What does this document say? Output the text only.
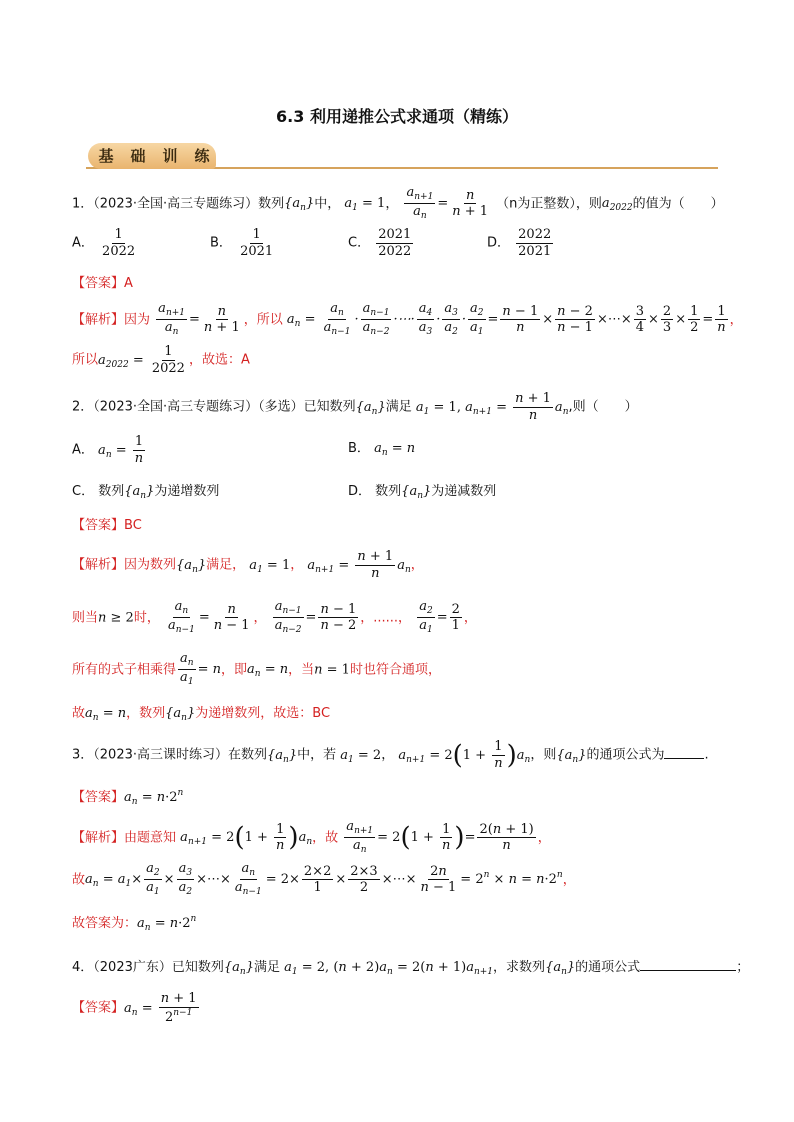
6.3 利用递推公式求通项（精练）
基 础 训 练
1．（2023·全国·高三专题练习）数列$\{a_n\}$中， $a_1 = 1$， $\frac{a_{n+1}}{a_n} = \frac{n}{n + 1} (n$为正整数），则$a_{2022}$的值为（　　）
A． $\frac{1}{2022}$	B． $\frac{1}{2021}$	C． $\frac{2021}{2022}$	D． $\frac{2022}{2021}$
【答案】A
【解析】因为 $\frac{a_{n+1}}{a_n} = \frac{n}{n + 1}$ ，所以 $a_n = \frac{a_n}{a_{n-1}} \cdot \frac{a_{n-1}}{a_{n-2}}$ ·⋯· $\frac{a_4}{a_3} \cdot \frac{a_3}{a_2} \cdot \frac{a_2}{a_1} = \frac{n - 1}{n} \times \frac{n - 2}{n - 1}$ ×⋯× $\frac{3}{4} \times \frac{2}{3} \times \frac{1}{2} = \frac{1}{n}$ ，
所以$a_{2022} = \frac{1}{2022}$ ，故选：A
2．（2023·全国·高三专题练习）（多选）已知数列$\{a_n\}$满足 $a_1 = 1$, $a_{n+1} = \frac{n + 1}{n} a_n$,则（　　）
A． $a_n = \frac{1}{n}$	B． $a_n = n$
C． 数列$\{a_n\}$为递增数列	D． 数列$\{a_n\}$为递减数列
【答案】BC
【解析】因为数列$\{a_n\}$满足， $a_1 = 1$， $a_{n+1} = \frac{n + 1}{n} a_n$，
则当n ≥ 2时， $\frac{a_n}{a_{n-1}} = \frac{n}{n - 1}$ ， $\frac{a_{n-1}}{a_{n-2}} = \frac{n - 1}{n - 2}$ ，......， $\frac{a_2}{a_1} = \frac{2}{1}$ ，
所有的式子相乘得 $\frac{a_n}{a_1} = n$，即$a_n = n$，当n = 1时也符合通项，
故$a_n = n$，数列$\{a_n\}$为递增数列，故选：BC
3．（2023·高三课时练习）在数列$\{a_n\}$中，若 $a_1 = 2$， $a_{n+1} = 2(1 + \frac{1}{n} )a_n$，则$\{a_n\}$的通项公式为	.
【答案】$a_n = n\cdot 2^n$
【解析】由题意知 $a_{n+1} = 2(1 + \frac{1}{n} )a_n$，故 $\frac{a_{n+1}}{a_n} = 2(1 + \frac{1}{n}$ )= $\frac{2(n + 1)}{n}$ ，
故$a_n = a_1\times \frac{a_2}{a_1} \times \frac{a_3}{a_2}$ ×⋯× $\frac{a_n}{a_{n-1}} = 2\times \frac{2\times 2}{1} \times \frac{2\times 3}{2}$ ×⋯× $\frac{2n}{n - 1} = 2^n \times n = n\cdot 2^n$，
故答案为：$a_n = n\cdot 2^n$
4．（2023广东）已知数列$\{a_n\}$满足 $a_1 = 2$, $(n + 2)a_n = 2(n + 1)a_{n+1}$，求数列$\{a_n\}$的通项公式	；
【答案】$a_n = \frac{n + 1}{2^{n-1}}$
